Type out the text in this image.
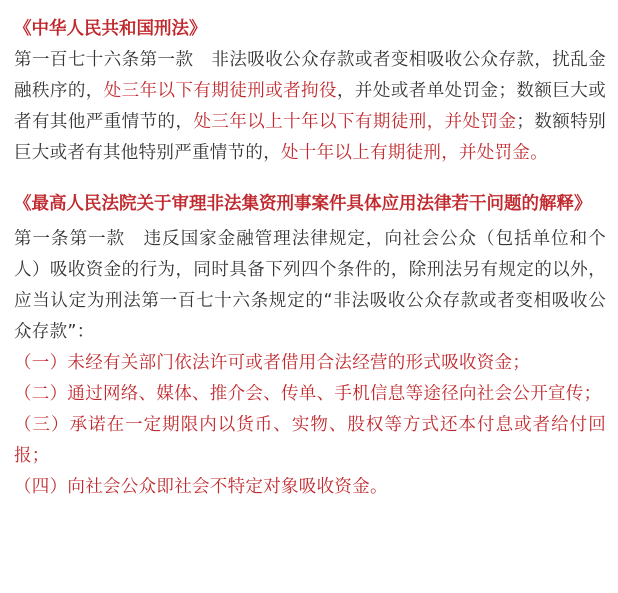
《中华人民共和国刑法》

第一百七十六条第一款　非法吸收公众存款或者变相吸收公众存款，扰乱金融秩序的，处三年以下有期徒刑或者拘役，并处或者单处罚金；数额巨大或者有其他严重情节的，处三年以上十年以下有期徒刑，并处罚金；数额特别巨大或者有其他特别严重情节的，处十年以上有期徒刑，并处罚金。

《最高人民法院关于审理非法集资刑事案件具体应用法律若干问题的解释》

第一条第一款　违反国家金融管理法律规定，向社会公众（包括单位和个人）吸收资金的行为，同时具备下列四个条件的，除刑法另有规定的以外，应当认定为刑法第一百七十六条规定的“非法吸收公众存款或者变相吸收公众存款”：

（一）未经有关部门依法许可或者借用合法经营的形式吸收资金；

（二）通过网络、媒体、推介会、传单、手机信息等途径向社会公开宣传；

（三）承诺在一定期限内以货币、实物、股权等方式还本付息或者给付回报；

（四）向社会公众即社会不特定对象吸收资金。
